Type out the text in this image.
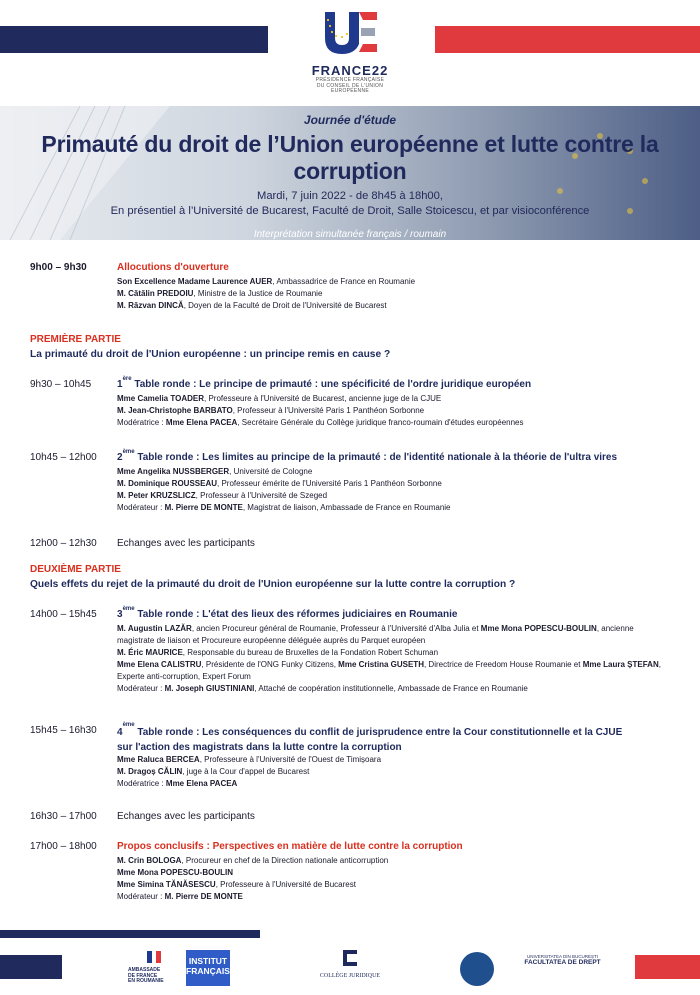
FRANCE22
PRÉSIDENCE FRANÇAISE
DU CONSEIL DE L'UNION
EUROPÉENNE
Journée d'étude
Primauté du droit de l’Union européenne et lutte contre la corruption
Mardi, 7 juin 2022 - de 8h45 à 18h00,
En présentiel à l’Université de Bucarest, Faculté de Droit, Salle Stoicescu, et par visioconférence
Interprétation simultanée français / roumain
9h00 – 9h30	Allocutions d'ouverture
Son Excellence Madame Laurence AUER, Ambassadrice de France en Roumanie
M. Cătălin PREDOIU, Ministre de la Justice de Roumanie
M. Răzvan DINCĂ, Doyen de la Faculté de Droit de l'Université de Bucarest
PREMIÈRE PARTIE
La primauté du droit de l'Union européenne : un principe remis en cause ?
9h30 – 10h45	1ère Table ronde : Le principe de primauté : une spécificité de l'ordre juridique européen
Mme Camelia TOADER, Professeure à l'Université de Bucarest, ancienne juge de la CJUE
M. Jean-Christophe BARBATO, Professeur à l'Université Paris 1 Panthéon Sorbonne
Modératrice : Mme Elena PACEA, Secrétaire Générale du Collège juridique franco-roumain d'études européennes
10h45 – 12h00 2ème Table ronde : Les limites au principe de la primauté : de l'identité nationale à la théorie de l'ultra vires
Mme Angelika NUSSBERGER, Université de Cologne
M. Dominique ROUSSEAU, Professeur émérite de l'Université Paris 1 Panthéon Sorbonne
M. Peter KRUZSLICZ, Professeur à l'Université de Szeged
Modérateur : M. Pierre DE MONTE, Magistrat de liaison, Ambassade de France en Roumanie
12h00 – 12h30 Echanges avec les participants
DEUXIÈME PARTIE
Quels effets du rejet de la primauté du droit de l'Union européenne sur la lutte contre la corruption ?
14h00 – 15h45 3ème Table ronde : L'état des lieux des réformes judiciaires en Roumanie
M. Augustin LAZĂR, ancien Procureur général de Roumanie, Professeur à l'Université d'Alba Julia et Mme Mona POPESCU-BOULIN, ancienne
magistrate de liaison et Procureure européenne déléguée auprès du Parquet européen
M. Éric MAURICE, Responsable du bureau de Bruxelles de la Fondation Robert Schuman
Mme Elena CALISTRU, Présidente de l'ONG Funky Citizens, Mme Cristina GUSETH, Directrice de Freedom House Roumanie et Mme Laura ȘTEFAN,
Experte anti-corruption, Expert Forum
Modérateur : M. Joseph GIUSTINIANI, Attaché de coopération institutionnelle, Ambassade de France en Roumanie
15h45 – 16h30 4ème Table ronde : Les conséquences du conflit de jurisprudence entre la Cour constitutionnelle et la CJUE
sur l'action des magistrats dans la lutte contre la corruption
Mme Raluca BERCEA, Professeure à l'Université de l'Ouest de Timișoara
M. Dragoș CĂLIN, juge à la Cour d'appel de Bucarest
Modératrice : Mme Elena PACEA
16h30 – 17h00 Echanges avec les participants
17h00 – 18h00 Propos conclusifs : Perspectives en matière de lutte contre la corruption
M. Crin BOLOGA, Procureur en chef de la Direction nationale anticorruption
Mme Mona POPESCU-BOULIN
Mme Simina TĂNĂSESCU, Professeure à l'Université de Bucarest
Modérateur : M. Pierre DE MONTE
AMBASSADE
DE FRANCE
EN ROUMANIE
INSTITUT
FRANÇAIS	COLLÈGE JURIDIQUE
UNIVERSITATEA DIN BUCUREȘTI
FACULTATEA DE DREPT
